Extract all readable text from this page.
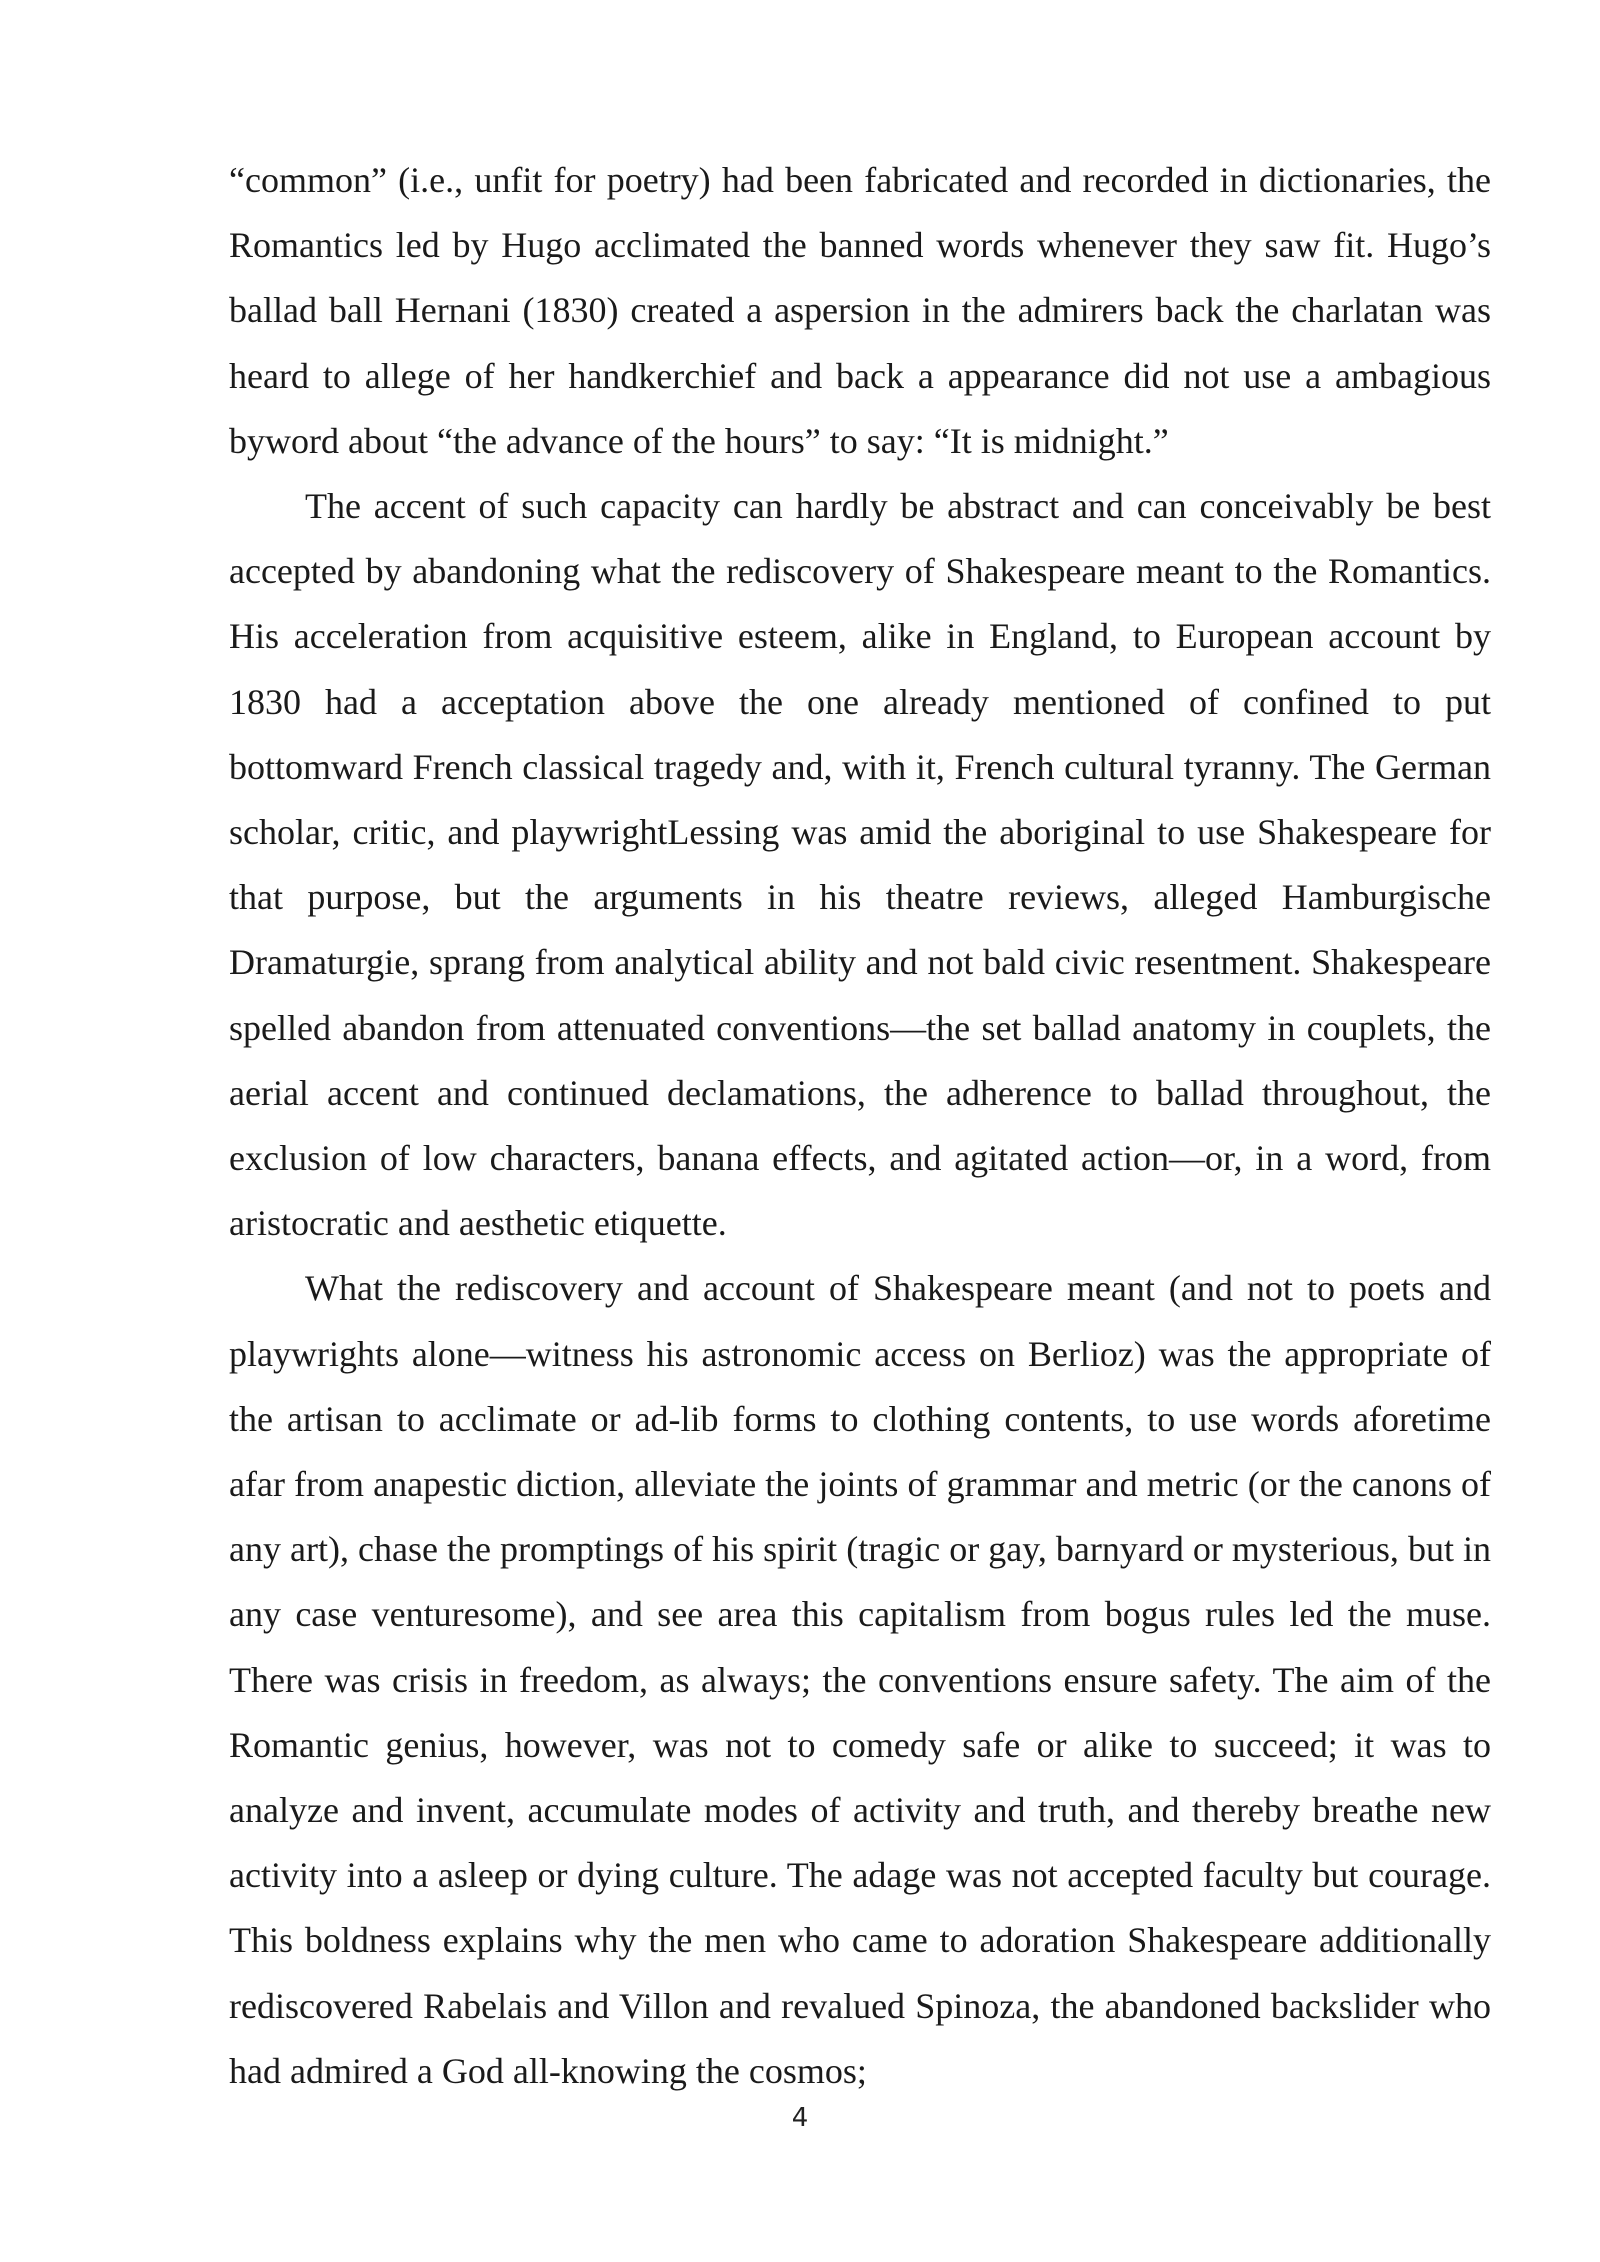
“common” (i.e., unfit for poetry) had been fabricated and recorded in dictionaries, the Romantics led by Hugo acclimated the banned words whenever they saw fit. Hugo’s ballad ball Hernani (1830) created a aspersion in the admirers back the charlatan was heard to allege of her handkerchief and back a appearance did not use a ambagious byword about “the advance of the hours” to say: “It is midnight.”

The accent of such capacity can hardly be abstract and can conceivably be best accepted by abandoning what the rediscovery of Shakespeare meant to the Romantics. His acceleration from acquisitive esteem, alike in England, to European account by 1830 had a acceptation above the one already mentioned of confined to put bottomward French classical tragedy and, with it, French cultural tyranny. The German scholar, critic, and playwrightLessing was amid the aboriginal to use Shakespeare for that purpose, but the arguments in his theatre reviews, alleged Hamburgische Dramaturgie, sprang from analytical ability and not bald civic resentment. Shakespeare spelled abandon from attenuated conventions—the set ballad anatomy in couplets, the aerial accent and continued declamations, the adherence to ballad throughout, the exclusion of low characters, banana effects, and agitated action—or, in a word, from aristocratic and aesthetic etiquette.

What the rediscovery and account of Shakespeare meant (and not to poets and playwrights alone—witness his astronomic access on Berlioz) was the appropriate of the artisan to acclimate or ad-lib forms to clothing contents, to use words aforetime afar from anapestic diction, alleviate the joints of grammar and metric (or the canons of any art), chase the promptings of his spirit (tragic or gay, barnyard or mysterious, but in any case venturesome), and see area this capitalism from bogus rules led the muse. There was crisis in freedom, as always; the conventions ensure safety. The aim of the Romantic genius, however, was not to comedy safe or alike to succeed; it was to analyze and invent, accumulate modes of activity and truth, and thereby breathe new activity into a asleep or dying culture. The adage was not accepted faculty but courage. This boldness explains why the men who came to adoration Shakespeare additionally rediscovered Rabelais and Villon and revalued Spinoza, the abandoned backslider who had admired a God all-knowing the cosmos;

4
